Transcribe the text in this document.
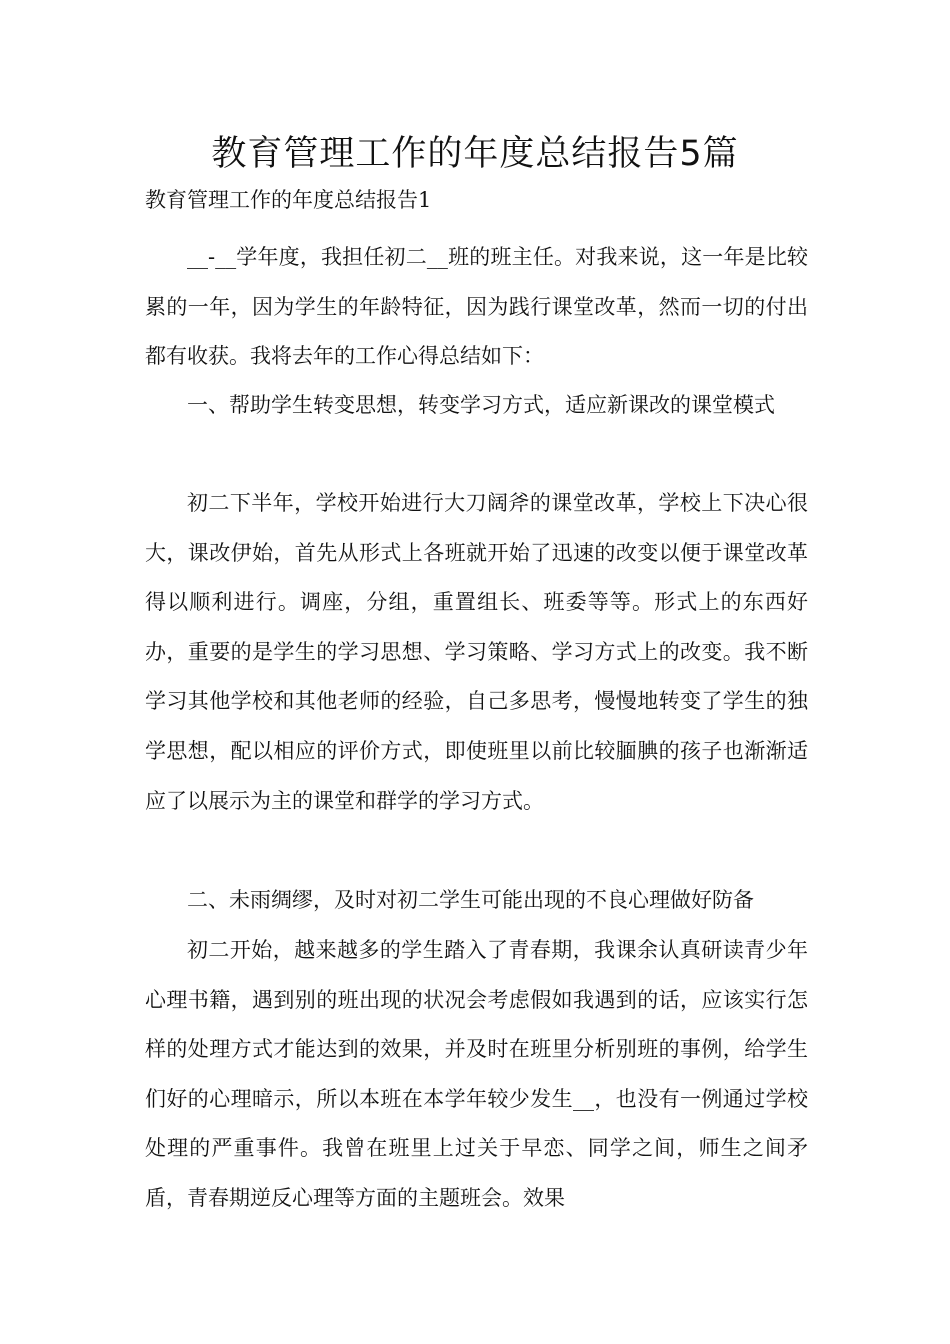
教育管理工作的年度总结报告5篇

教育管理工作的年度总结报告1

__-__学年度，我担任初二__班的班主任。对我来说，这一年是比较累的一年，因为学生的年龄特征，因为践行课堂改革，然而一切的付出都有收获。我将去年的工作心得总结如下：

一、帮助学生转变思想，转变学习方式，适应新课改的课堂模式

初二下半年，学校开始进行大刀阔斧的课堂改革，学校上下决心很大，课改伊始，首先从形式上各班就开始了迅速的改变以便于课堂改革得以顺利进行。调座，分组，重置组长、班委等等。形式上的东西好办，重要的是学生的学习思想、学习策略、学习方式上的改变。我不断学习其他学校和其他老师的经验，自己多思考，慢慢地转变了学生的独学思想，配以相应的评价方式，即使班里以前比较腼腆的孩子也渐渐适应了以展示为主的课堂和群学的学习方式。

二、未雨绸缪，及时对初二学生可能出现的不良心理做好防备

初二开始，越来越多的学生踏入了青春期，我课余认真研读青少年心理书籍，遇到别的班出现的状况会考虑假如我遇到的话，应该实行怎样的处理方式才能达到的效果，并及时在班里分析别班的事例，给学生们好的心理暗示，所以本班在本学年较少发生__，也没有一例通过学校处理的严重事件。我曾在班里上过关于早恋、同学之间，师生之间矛盾，青春期逆反心理等方面的主题班会。效果
